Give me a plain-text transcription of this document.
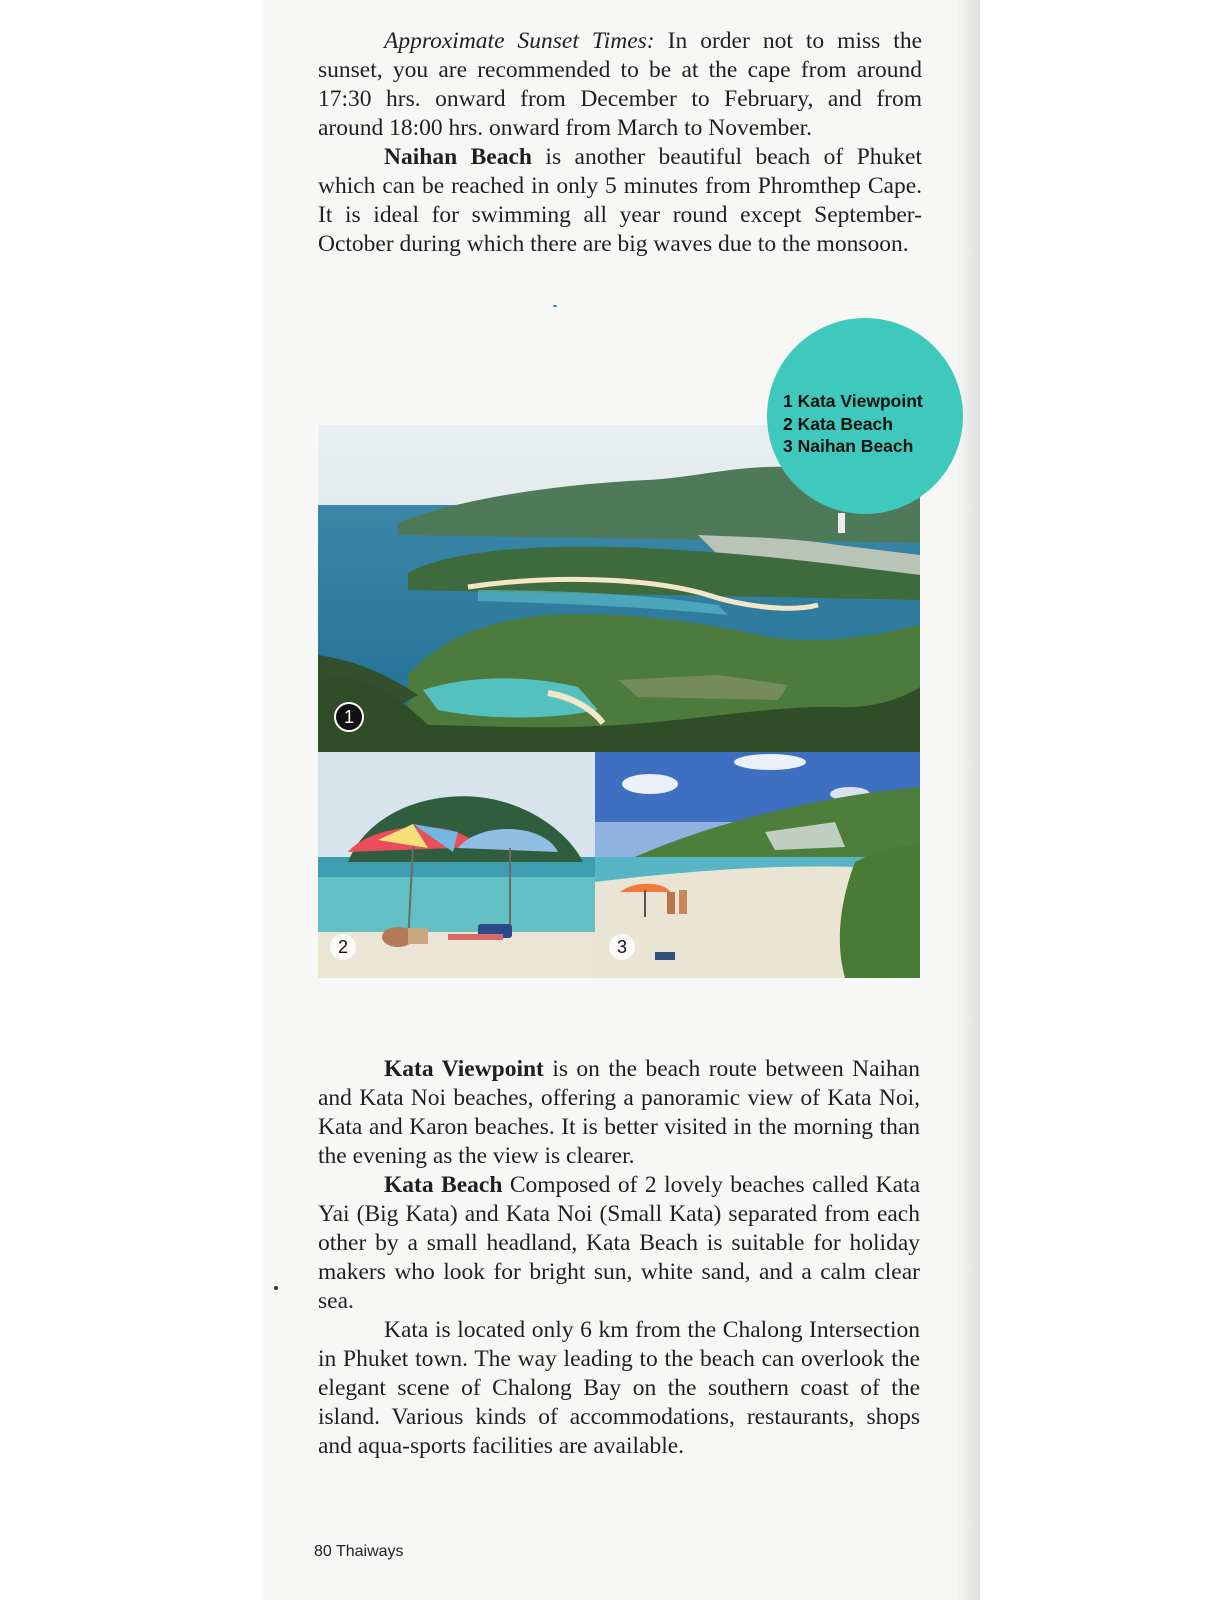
Approximate Sunset Times: In order not to miss the sunset, you are recommended to be at the cape from around 17:30 hrs. onward from December to February, and from around 18:00 hrs. onward from March to November.

Naihan Beach is another beautiful beach of Phuket which can be reached in only 5 minutes from Phromthep Cape. It is ideal for swimming all year round except September-October during which there are big waves due to the monsoon.

1
2	3
1 Kata Viewpoint
2 Kata Beach
3 Naihan Beach

Kata Viewpoint is on the beach route between Naihan and Kata Noi beaches, offering a panoramic view of Kata Noi, Kata and Karon beaches. It is better visited in the morning than the evening as the view is clearer.

Kata Beach Composed of 2 lovely beaches called Kata Yai (Big Kata) and Kata Noi (Small Kata) separated from each other by a small headland, Kata Beach is suitable for holiday makers who look for bright sun, white sand, and a calm clear sea.

Kata is located only 6 km from the Chalong Intersection in Phuket town. The way leading to the beach can overlook the elegant scene of Chalong Bay on the southern coast of the island. Various kinds of accommodations, restaurants, shops and aqua-sports facilities are available.

80 Thaiways
